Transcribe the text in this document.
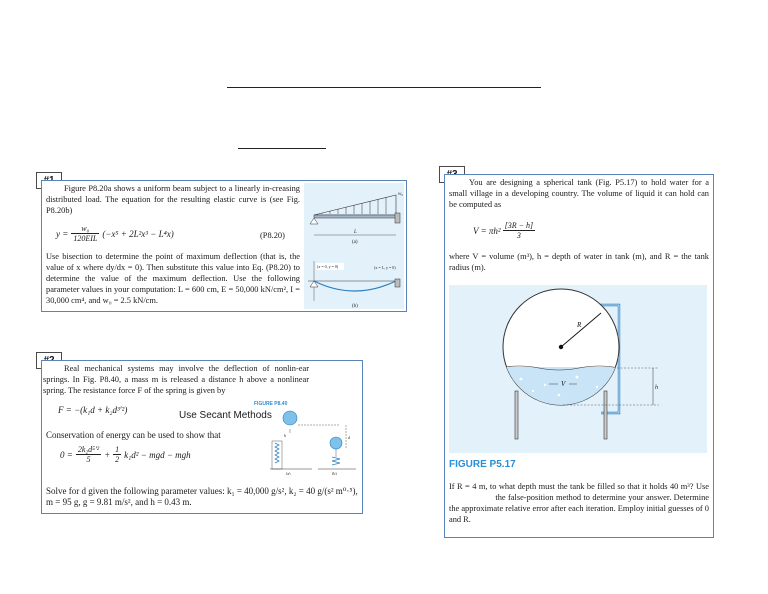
Figure P8.20a shows a uniform beam subject to a linearly in-creasing distributed load. The equation for the resulting elastic curve is (see Fig. P8.20b)
$y = \frac{\text{w₀}}{\text{120EIL}} (-x^5 + 2L^2x^3 - L^4x)$	(P8.20)
Use bisection to determine the point of maximum deflection (that is, the value of x where dy/dx = 0). Then substitute this value into Eq. (P8.20) to determine the value of the maximum deflection. Use the following parameter values in your computation: L = 600 cm, E = 50,000 kN/cm², I = 30,000 cm⁴, and w₀ = 2.5 kN/cm.
w₀
L
(a)
(x = 0, y = 0)	(x = L, y = 0)
(b)
Real mechanical systems may involve the deflection of nonlin-ear springs. In Fig. P8.40, a mass m is released a distance h above a nonlinear spring. The resistance force F of the spring is given by
F = −(k₁d + k₂d³′²)	Use Secant Methods
FIGURE P8.40
Conservation of energy can be used to show that
$0 = \frac{\text{2k₂d⁵′²}}{5} + \frac{1}{2} k_1d^2$ − mgd − mgh
Solve for d given the following parameter values: k₁ = 40,000 g/s², k₂ = 40 g/(s² m⁰·⁵), m = 95 g, g = 9.81 m/s², and h = 0.43 m.
h
(a)
d
(b)
You are designing a spherical tank (Fig. P5.17) to hold water for a small village in a developing country. The volume of liquid it can hold can be computed as
$V = \pi h^2 \frac{[3R - h]}{3}$
where V = volume (m³), h = depth of water in tank (m), and R = the tank radius (m).
R
V	h
FIGURE P5.17
If R = 4 m, to what depth must the tank be filled so that it holds 40 m³? Use  the false-position method to determine your answer. Determine the approximate relative error after each iteration. Employ initial guesses of 0 and R.
